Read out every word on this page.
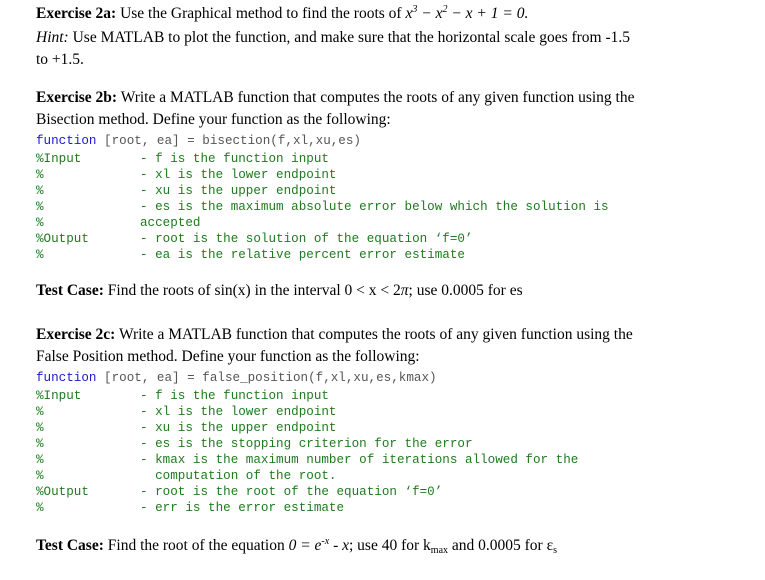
Exercise 2a: Use the Graphical method to find the roots of $x^3 - x^2 - x + 1 = 0$.
Hint: Use MATLAB to plot the function, and make sure that the horizontal scale goes from -1.5
to +1.5.
Exercise 2b: Write a MATLAB function that computes the roots of any given function using the
Bisection method. Define your function as the following:
function [root, ea] = bisection(f,xl,xu,es)
%Input	- f is the function input
%	- xl is the lower endpoint
%	- xu is the upper endpoint
%	- es is the maximum absolute error below which the solution is
%	accepted
%Output	- root is the solution of the equation ‘f=0’
%	- ea is the relative percent error estimate
Test Case: Find the roots of sin(x) in the interval 0 < x < 2π; use 0.0005 for es
Exercise 2c: Write a MATLAB function that computes the roots of any given function using the
False Position method. Define your function as the following:
function [root, ea] = false_position(f,xl,xu,es,kmax)
%Input	- f is the function input
%	- xl is the lower endpoint
%	- xu is the upper endpoint
%	- es is the stopping criterion for the error
%	- kmax is the maximum number of iterations allowed for the
%	computation of the root.
%Output	- root is the root of the equation ‘f=0’
%	- err is the error estimate
Test Case: Find the root of the equation $0 = e^{-x} - x$; use 40 for $k_{max}$ and 0.0005 for $\varepsilon_s$
